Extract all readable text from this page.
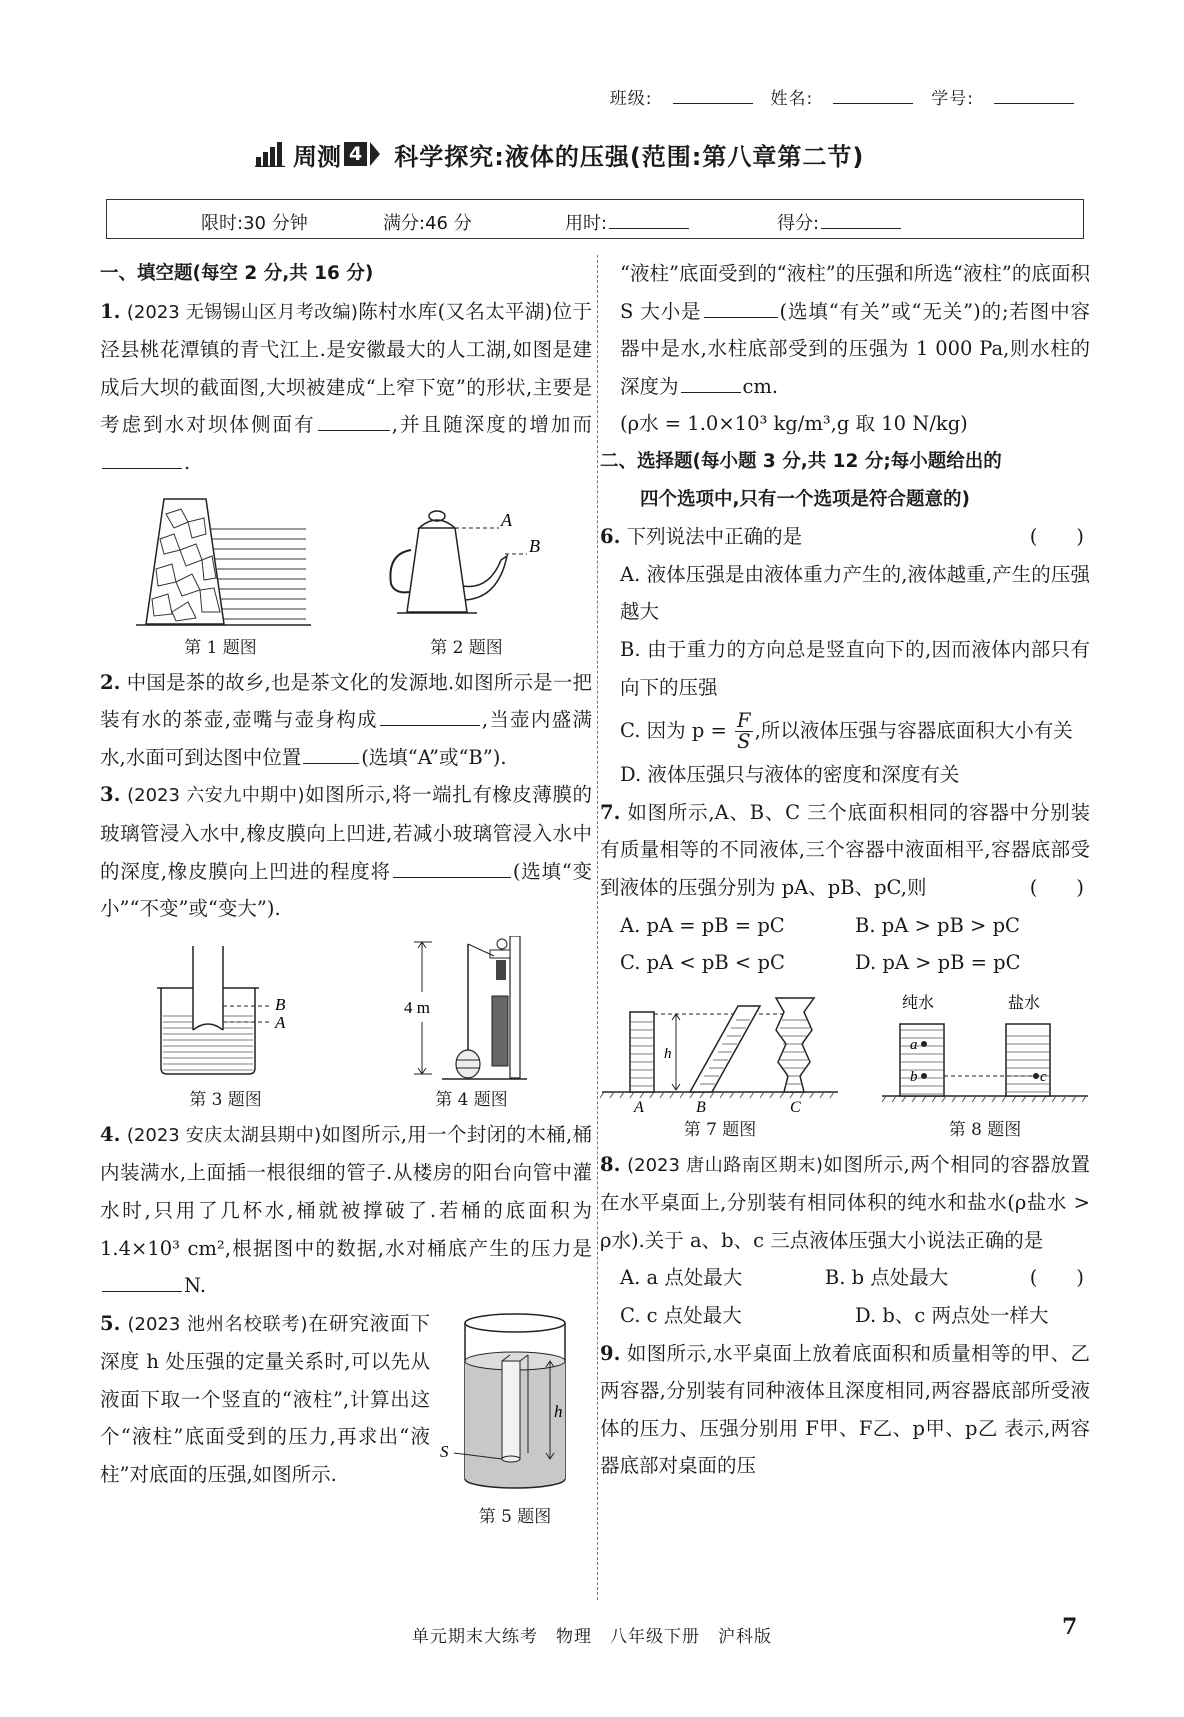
班级:	姓名:	学号:
周测 4 科学探究:液体的压强(范围:第八章第二节)
限时:30 分钟	满分:46 分	用时:	得分:
一、填空题(每空 2 分,共 16 分)

1. (2023 无锡锡山区月考改编)陈村水库(又名太平湖)位于泾县桃花潭镇的青弋江上.是安徽最大的人工湖,如图是建成后大坝的截面图,大坝被建成“上窄下宽”的形状,主要是考虑到水对坝体侧面有	,并且随深度的增加而.

第 1 题图
A
B
第 2 题图

2. 中国是茶的故乡,也是茶文化的发源地.如图所示是一把装有水的茶壶,壶嘴与壶身构成	,当壶内盛满水,水面可到达图中位置	(选填“A”或“B”).

3. (2023 六安九中期中)如图所示,将一端扎有橡皮薄膜的玻璃管浸入水中,橡皮膜向上凹进,若减小玻璃管浸入水中的深度,橡皮膜向上凹进的程度将	(选填“变小”“不变”或“变大”).

B
A
第 3 题图
4 m
第 4 题图

4. (2023 安庆太湖县期中)如图所示,用一个封闭的木桶,桶内装满水,上面插一根很细的管子.从楼房的阳台向管中灌水时,只用了几杯水,桶就被撑破了.若桶的底面积为 1.4×10³ cm²,根据图中的数据,水对桶底产生的压力是N.

5. (2023 池州名校联考)在研究液面下深度 h 处压强的定量关系时,可以先从液面下取一个竖直的“液柱”,计算出这个“液柱”底面受到的压力,再求出“液柱”对底面的压强,如图所示.

h
S
第 5 题图

“液柱”底面受到的“液柱”的压强和所选“液柱”的底面积 S 大小是	(选填“有关”或“无关”)的;若图中容器中是水,水柱底部受到的压强为 1 000 Pa,则水柱的深度为	cm.

(ρ水 = 1.0×10³ kg/m³,g 取 10 N/kg)

二、选择题(每小题 3 分,共 12 分;每小题给出的
四个选项中,只有一个选项是符合题意的)

6. 下列说法中正确的是	(　　)

A. 液体压强是由液体重力产生的,液体越重,产生的压强越大

B. 由于重力的方向总是竖直向下的,因而液体内部只有向下的压强

C. 因为 $p = \frac{F}{S}$ ,所以液体压强与容器底面积大小有关

D. 液体压强只与液体的密度和深度有关

7. 如图所示,A、B、C 三个底面积相同的容器中分别装有质量相等的不同液体,三个容器中液面相平,容器底部受到液体的压强分别为 pA、pB、pC,则	(　　)

A. pA = pB = pC	B. pA > pB > pC
C. pA < pB < pC	D. pA > pB = pC
h
A	B	C
第 7 题图
纯水	盐水
a
b	c
第 8 题图

8. (2023 唐山路南区期末)如图所示,两个相同的容器放置在水平桌面上,分别装有相同体积的纯水和盐水(ρ盐水 > ρ水).关于 a、b、c 三点液体压强大小说法正确的是
(　　)

A. a 点处最大	B. b 点处最大
C. c 点处最大	D. b、c 两点处一样大

9. 如图所示,水平桌面上放着底面积和质量相等的甲、乙两容器,分别装有同种液体且深度相同,两容器底部所受液体的压力、压强分别用 F甲、F乙、p甲、p乙 表示,两容器底部对桌面的压

单元期末大练考　物理　八年级下册　沪科版	7
